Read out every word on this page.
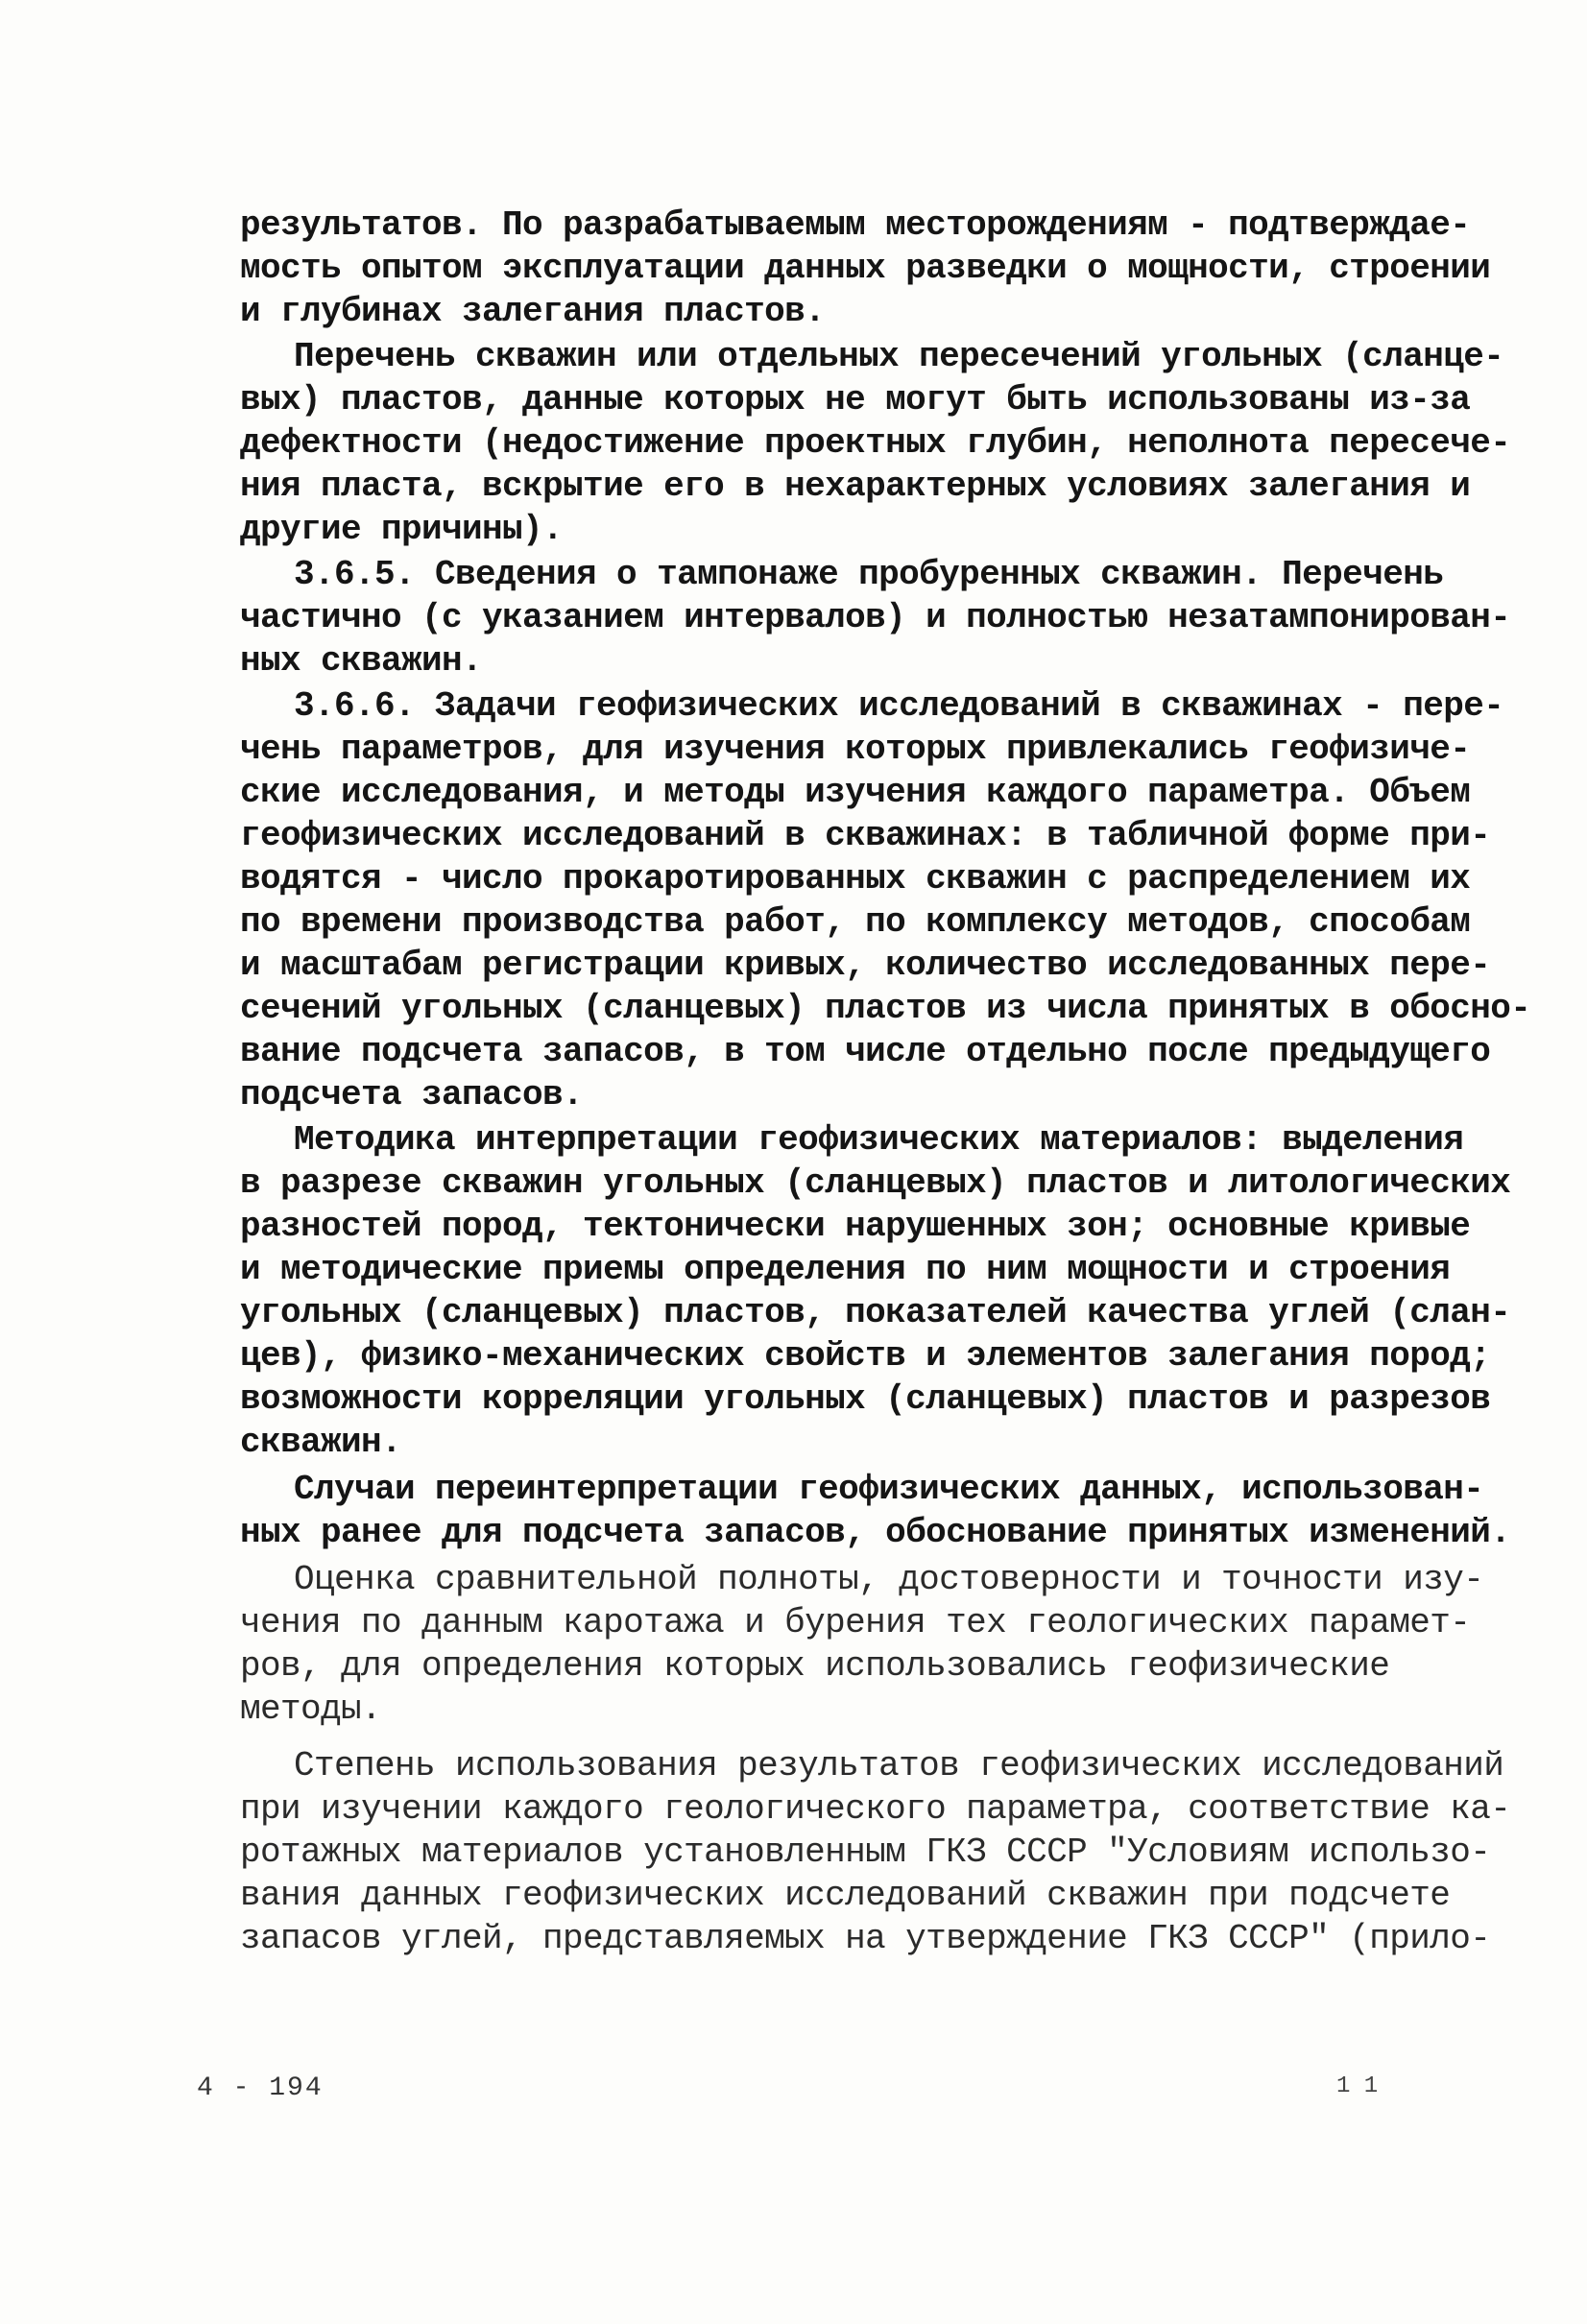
результатов. По разрабатываемым месторождениям - подтверждае-
мость опытом эксплуатации данных разведки о мощности, строении
и глубинах залегания пластов.
Перечень скважин или отдельных пересечений угольных (сланце-
вых) пластов, данные которых не могут быть использованы из-за
дефектности (недостижение проектных глубин, неполнота пересече-
ния пласта, вскрытие его в нехарактерных условиях залегания и
другие причины).
3.6.5. Сведения о тампонаже пробуренных скважин. Перечень
частично (с указанием интервалов) и полностью незатампонирован-
ных скважин.
3.6.6. Задачи геофизических исследований в скважинах - пере-
чень параметров, для изучения которых привлекались геофизиче-
ские исследования, и методы изучения каждого параметра. Объем
геофизических исследований в скважинах: в табличной форме при-
водятся - число прокаротированных скважин с распределением их
по времени производства работ, по комплексу методов, способам
и масштабам регистрации кривых, количество исследованных пере-
сечений угольных (сланцевых) пластов из числа принятых в обосно-
вание подсчета запасов, в том числе отдельно после предыдущего
подсчета запасов.
Методика интерпретации геофизических материалов: выделения
в разрезе скважин угольных (сланцевых) пластов и литологических
разностей пород, тектонически нарушенных зон; основные кривые
и методические приемы определения по ним мощности и строения
угольных (сланцевых) пластов, показателей качества углей (слан-
цев), физико-механических свойств и элементов залегания пород;
возможности корреляции угольных (сланцевых) пластов и разрезов
скважин.
Случаи переинтерпретации геофизических данных, использован-
ных ранее для подсчета запасов, обоснование принятых изменений.
Оценка сравнительной полноты, достоверности и точности изу-
чения по данным каротажа и бурения тех геологических парамет-
ров, для определения которых использовались геофизические
методы.
Степень использования результатов геофизических исследований
при изучении каждого геологического параметра, соответствие ка-
ротажных материалов установленным ГКЗ СССР "Условиям использо-
вания данных геофизических исследований скважин при подсчете
запасов углей, представляемых на утверждение ГКЗ СССР" (прило-
4 - 194	1 1
